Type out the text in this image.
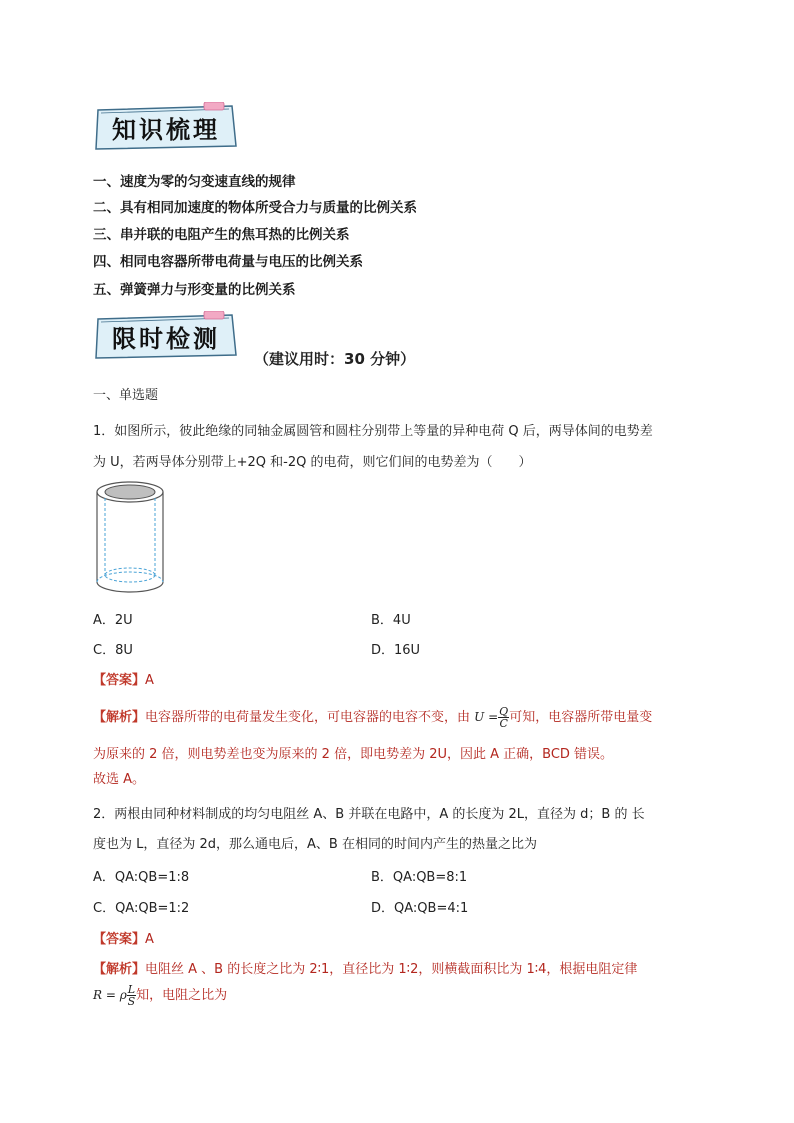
知识梳理
一、速度为零的匀变速直线的规律
二、具有相同加速度的物体所受合力与质量的比例关系
三、串并联的电阻产生的焦耳热的比例关系
四、相同电容器所带电荷量与电压的比例关系
五、弹簧弹力与形变量的比例关系
限时检测
（建议用时：30 分钟）
一、单选题
1．如图所示，彼此绝缘的同轴金属圆管和圆柱分别带上等量的异种电荷 Q 后，两导体间的电势差
为 U，若两导体分别带上+2Q 和-2Q 的电荷，则它们间的电势差为（　　）
A．2U	B．4U
C．8U	D．16U
【答案】A
【解析】电容器所带的电荷量发生变化，可电容器的电容不变，由 $U = \frac{Q}{C}$ 可知，电容器所带电量变
为原来的 2 倍，则电势差也变为原来的 2 倍，即电势差为 2U，因此 A 正确，BCD 错误。
故选 A。
2．两根由同种材料制成的均匀电阻丝 A、B 并联在电路中，A 的长度为 2L，直径为 d；B 的 长
度也为 L，直径为 2d，那么通电后，A、B 在相同的时间内产生的热量之比为
A．QA:QB=1:8	B．QA:QB=8:1
C．QA:QB=1:2	D．QA:QB=4:1
【答案】A
【解析】电阻丝 A 、B 的长度之比为 2∶1，直径比为 1∶2，则横截面积比为 1∶4，根据电阻定律
R = ρ $\frac{L}{S}$ 知，电阻之比为
